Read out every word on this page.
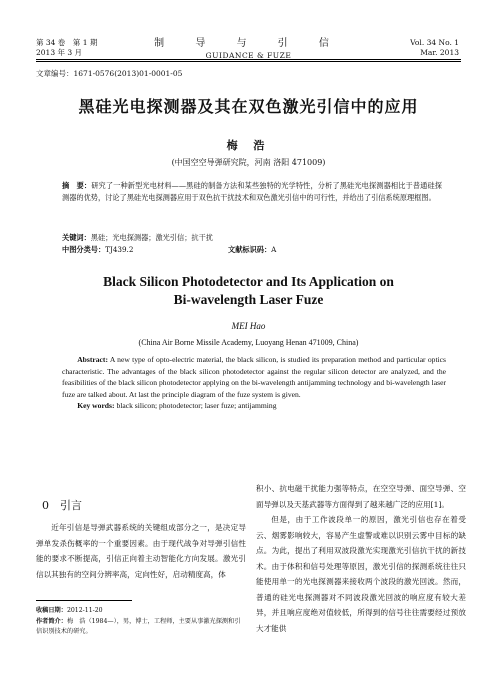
第 34 卷　第 1 期
2013 年 3 月
制 导 与 引 信
GUIDANCE & FUZE
Vol. 34 No. 1
Mar. 2013
文章编号：1671-0576(2013)01-0001-05
黑硅光电探测器及其在双色激光引信中的应用
梅 浩
(中国空空导弹研究院，河南 洛阳 471009)
摘　要：研究了一种新型光电材料——黑硅的制备方法和某些独特的光学特性，分析了黑硅光电探测器相比于普通硅探测器的优势，讨论了黑硅光电探测器应用于双色抗干扰技术和双色激光引信中的可行性，并给出了引信系统原理框图。
关键词：黑硅；光电探测器；激光引信；抗干扰
中图分类号：TJ439.2	文献标识码：A
Black Silicon Photodetector and Its Application on
Bi-wavelength Laser Fuze
MEI Hao
(China Air Borne Missile Academy, Luoyang Henan 471009, China)

Abstract: A new type of opto-electric material, the black silicon, is studied its preparation method and particular optics characteristic. The advantages of the black silicon photodetector against the regular silicon detector are analyzed, and the feasibilities of the black silicon photodetector applying on the bi-wavelength antijamming technology and bi-wavelength laser fuze are talked about. At last the principle diagram of the fuze system is given.

Key words: black silicon; photodetector; laser fuze; antijamming

0　引言

近年引信是导弹武器系统的关键组成部分之一，是决定导弹单发杀伤概率的一个重要因素。由于现代战争对导弹引信性能的要求不断提高，引信正向着主动智能化方向发展。激光引信以其独有的空间分辨率高，定向性好，启动精度高，体

收稿日期：2012-11-20
作者简介：梅　浩（1984—），男，博士，工程师，主要从事激光探测和引信识别技术的研究。

积小、抗电磁干扰能力强等特点，在空空导弹、面空导弹、空面导弹以及天基武器等方面得到了越来越广泛的应用[1]。

但是，由于工作波段单一的原因，激光引信也存在着受云、烟雾影响较大，容易产生虚警或难以识别云雾中目标的缺点。为此，提出了利用双波段激光实现激光引信抗干扰的新技术。由于体积和信号处理等原因，激光引信的探测系统往往只能使用单一的光电探测器来接收两个波段的激光回波。然而，普通的硅光电探测器对不同波段激光回波的响应度有较大差异，并且响应度绝对值较低，所得到的信号往往需要经过预放大才能供
